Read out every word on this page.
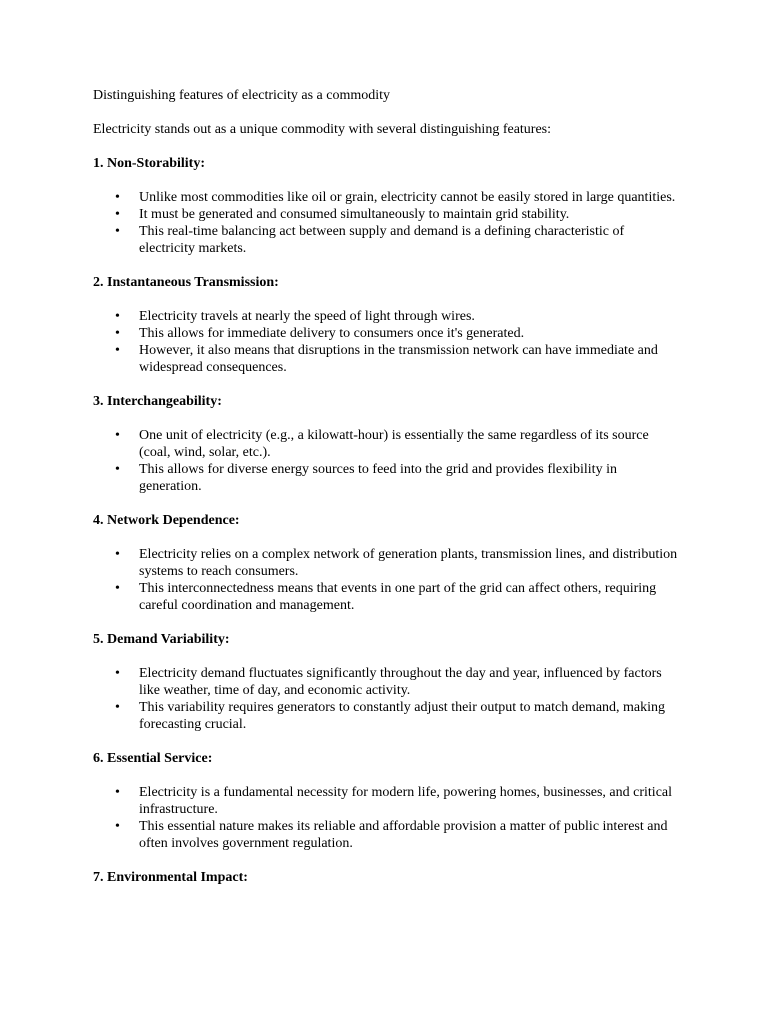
Distinguishing features of electricity as a commodity

Electricity stands out as a unique commodity with several distinguishing features:

1. Non-Storability:
• Unlike most commodities like oil or grain, electricity cannot be easily stored in large quantities.
• It must be generated and consumed simultaneously to maintain grid stability.
• This real-time balancing act between supply and demand is a defining characteristic of electricity markets.
2. Instantaneous Transmission:
• Electricity travels at nearly the speed of light through wires.
• This allows for immediate delivery to consumers once it's generated.
• However, it also means that disruptions in the transmission network can have immediate and widespread consequences.
3. Interchangeability:
• One unit of electricity (e.g., a kilowatt-hour) is essentially the same regardless of its source (coal, wind, solar, etc.).
• This allows for diverse energy sources to feed into the grid and provides flexibility in generation.
4. Network Dependence:
• Electricity relies on a complex network of generation plants, transmission lines, and distribution systems to reach consumers.
• This interconnectedness means that events in one part of the grid can affect others, requiring careful coordination and management.
5. Demand Variability:
• Electricity demand fluctuates significantly throughout the day and year, influenced by factors like weather, time of day, and economic activity.
• This variability requires generators to constantly adjust their output to match demand, making forecasting crucial.
6. Essential Service:
• Electricity is a fundamental necessity for modern life, powering homes, businesses, and critical infrastructure.
• This essential nature makes its reliable and affordable provision a matter of public interest and often involves government regulation.
7. Environmental Impact:
